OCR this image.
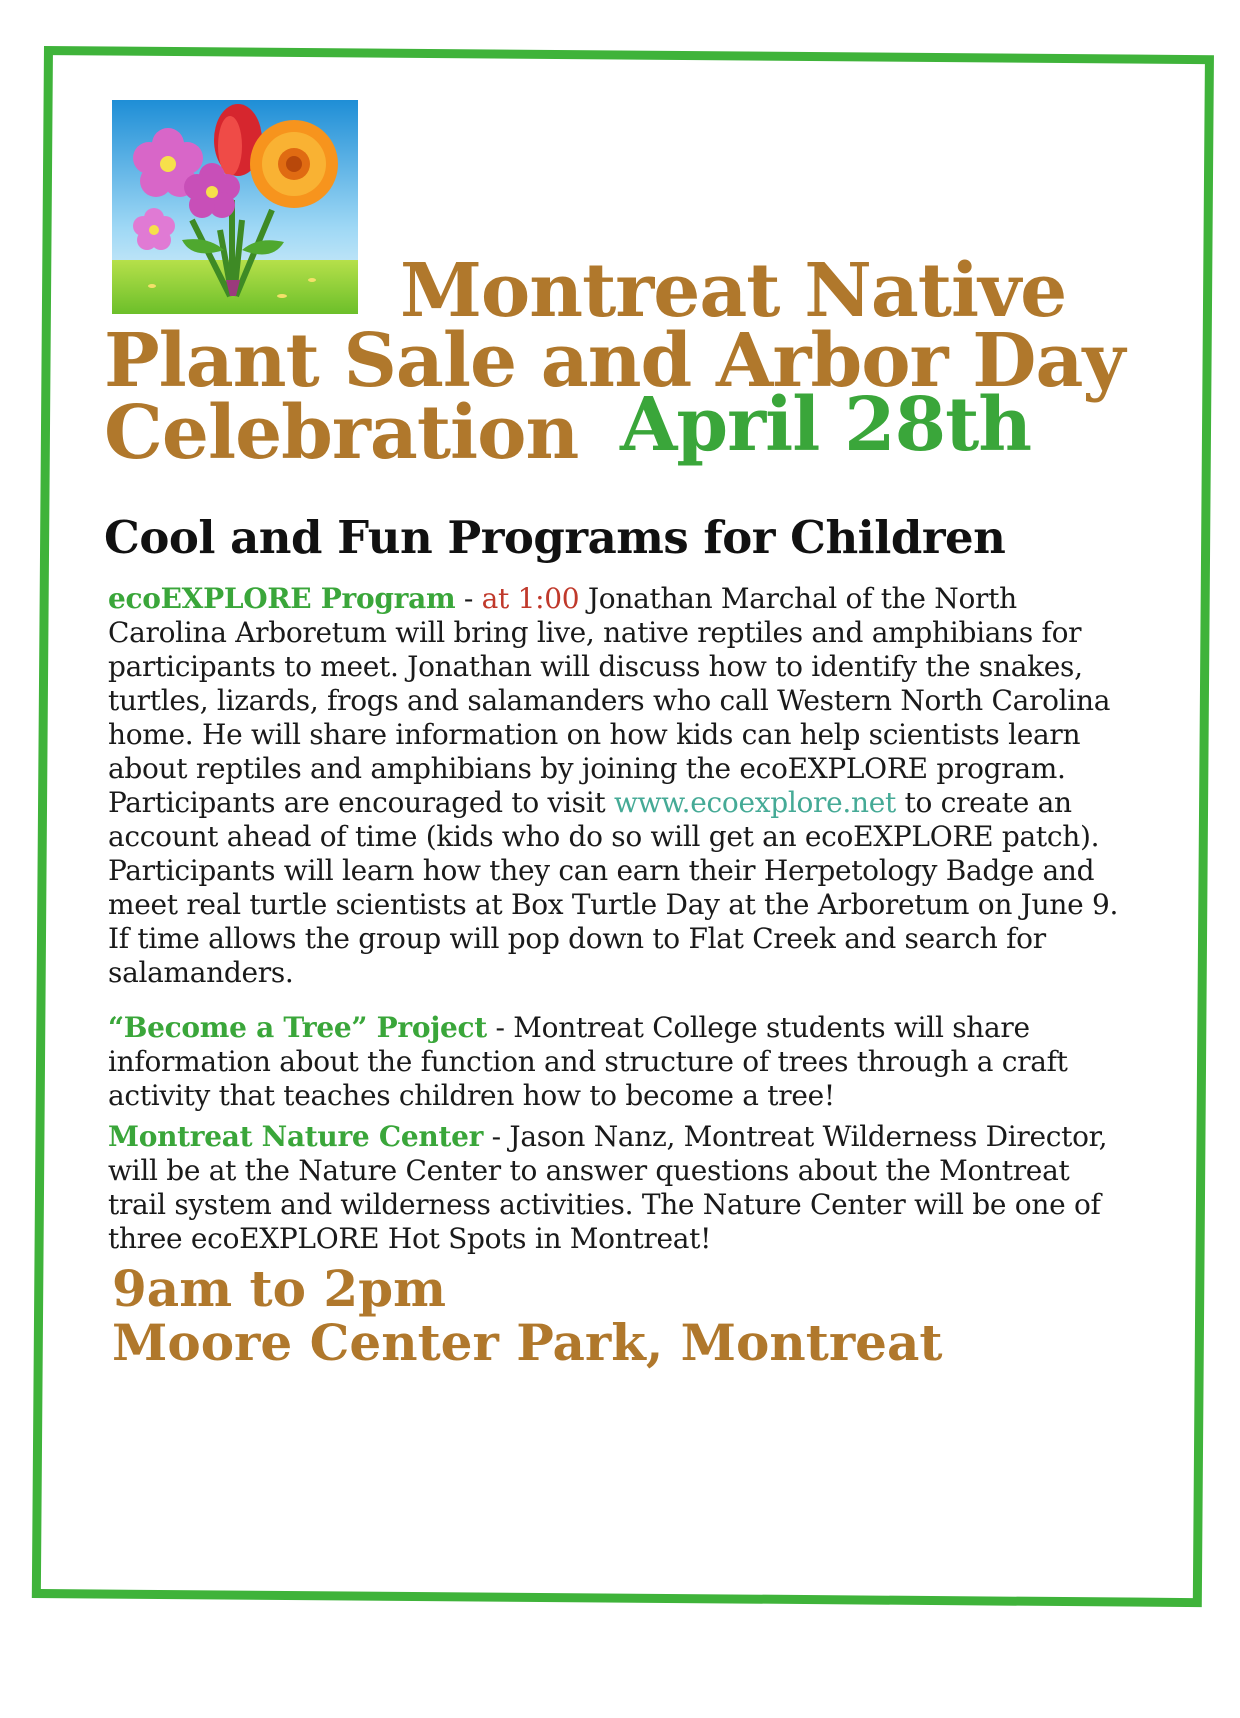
Montreat Native
Plant Sale and Arbor Day
Celebration April 28th
Cool and Fun Programs for Children
ecoEXPLORE Program - at 1:00 Jonathan Marchal of the North Carolina Arboretum will bring live, native reptiles and amphibians for participants to meet. Jonathan will discuss how to identify the snakes, turtles, lizards, frogs and salamanders who call Western North Carolina home. He will share information on how kids can help scientists learn about reptiles and amphibians by joining the ecoEXPLORE program. Participants are encouraged to visit www.ecoexplore.net to create an account ahead of time (kids who do so will get an ecoEXPLORE patch). Participants will learn how they can earn their Herpetology Badge and meet real turtle scientists at Box Turtle Day at the Arboretum on June 9. If time allows the group will pop down to Flat Creek and search for salamanders.
“Become a Tree” Project - Montreat College students will share information about the function and structure of trees through a craft activity that teaches children how to become a tree!
Montreat Nature Center - Jason Nanz, Montreat Wilderness Director, will be at the Nature Center to answer questions about the Montreat trail system and wilderness activities. The Nature Center will be one of three ecoEXPLORE Hot Spots in Montreat!
9am to 2pm
Moore Center Park, Montreat
